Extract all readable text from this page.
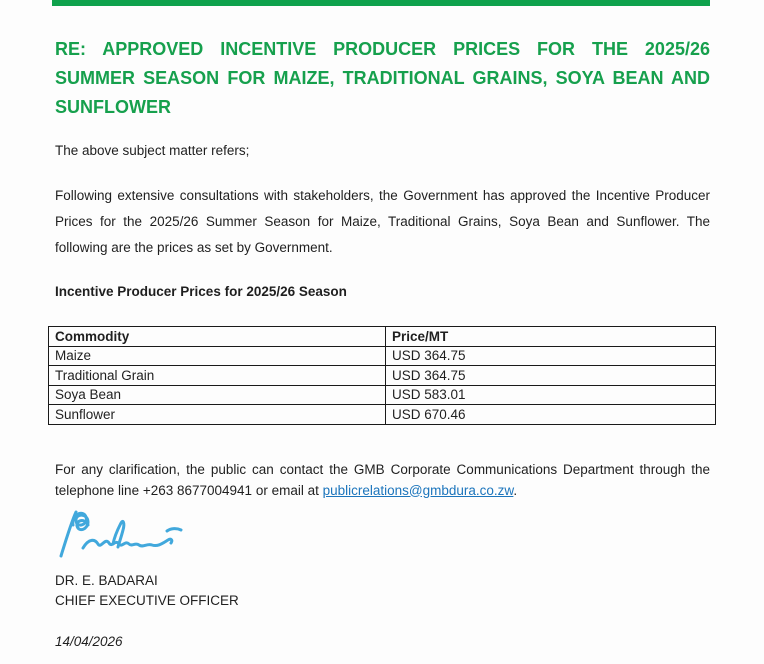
RE: APPROVED INCENTIVE PRODUCER PRICES FOR THE 2025/26 SUMMER SEASON FOR MAIZE, TRADITIONAL GRAINS, SOYA BEAN AND SUNFLOWER

The above subject matter refers;

Following extensive consultations with stakeholders, the Government has approved the Incentive Producer Prices for the 2025/26 Summer Season for Maize, Traditional Grains, Soya Bean and Sunflower. The following are the prices as set by Government.

Incentive Producer Prices for 2025/26 Season

Commodity	Price/MT
Maize	USD 364.75
Traditional Grain	USD 364.75
Soya Bean	USD 583.01
Sunflower	USD 670.46

For any clarification, the public can contact the GMB Corporate Communications Department through the telephone line +263 8677004941 or email at publicrelations@gmbdura.co.zw.

DR. E. BADARAI
CHIEF EXECUTIVE OFFICER

14/04/2026
